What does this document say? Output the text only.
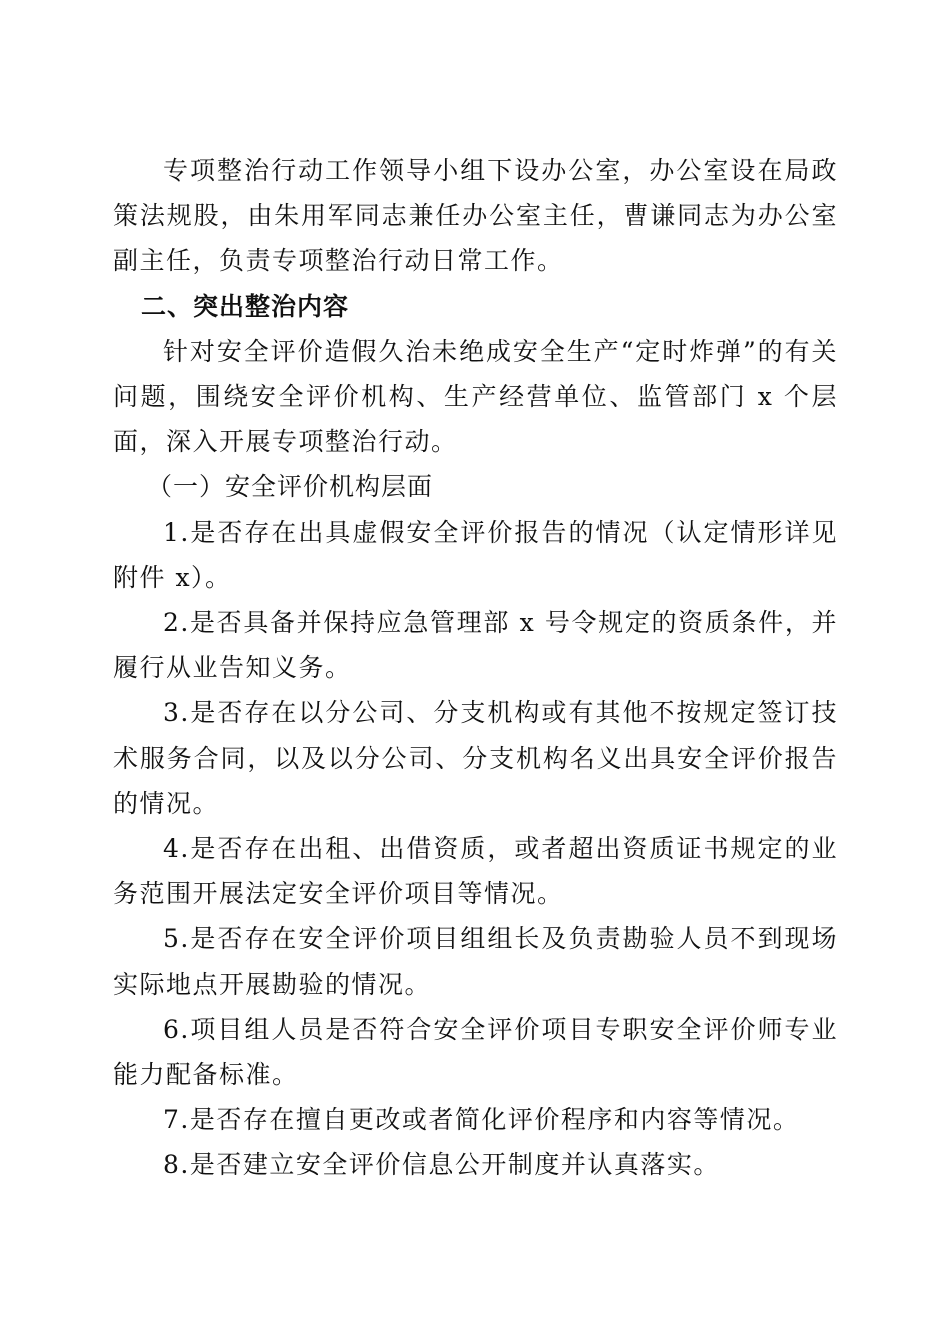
专项整治行动工作领导小组下设办公室，办公室设在局政策法规股，由朱用军同志兼任办公室主任，曹谦同志为办公室副主任，负责专项整治行动日常工作。

二、突出整治内容

针对安全评价造假久治未绝成安全生产“定时炸弹”的有关问题，围绕安全评价机构、生产经营单位、监管部门 x 个层面，深入开展专项整治行动。

（一）安全评价机构层面

1.是否存在出具虚假安全评价报告的情况（认定情形详见附件 x）。

2.是否具备并保持应急管理部 x 号令规定的资质条件，并履行从业告知义务。

3.是否存在以分公司、分支机构或有其他不按规定签订技术服务合同，以及以分公司、分支机构名义出具安全评价报告的情况。

4.是否存在出租、出借资质，或者超出资质证书规定的业务范围开展法定安全评价项目等情况。

5.是否存在安全评价项目组组长及负责勘验人员不到现场实际地点开展勘验的情况。

6.项目组人员是否符合安全评价项目专职安全评价师专业能力配备标准。

7.是否存在擅自更改或者简化评价程序和内容等情况。

8.是否建立安全评价信息公开制度并认真落实。
